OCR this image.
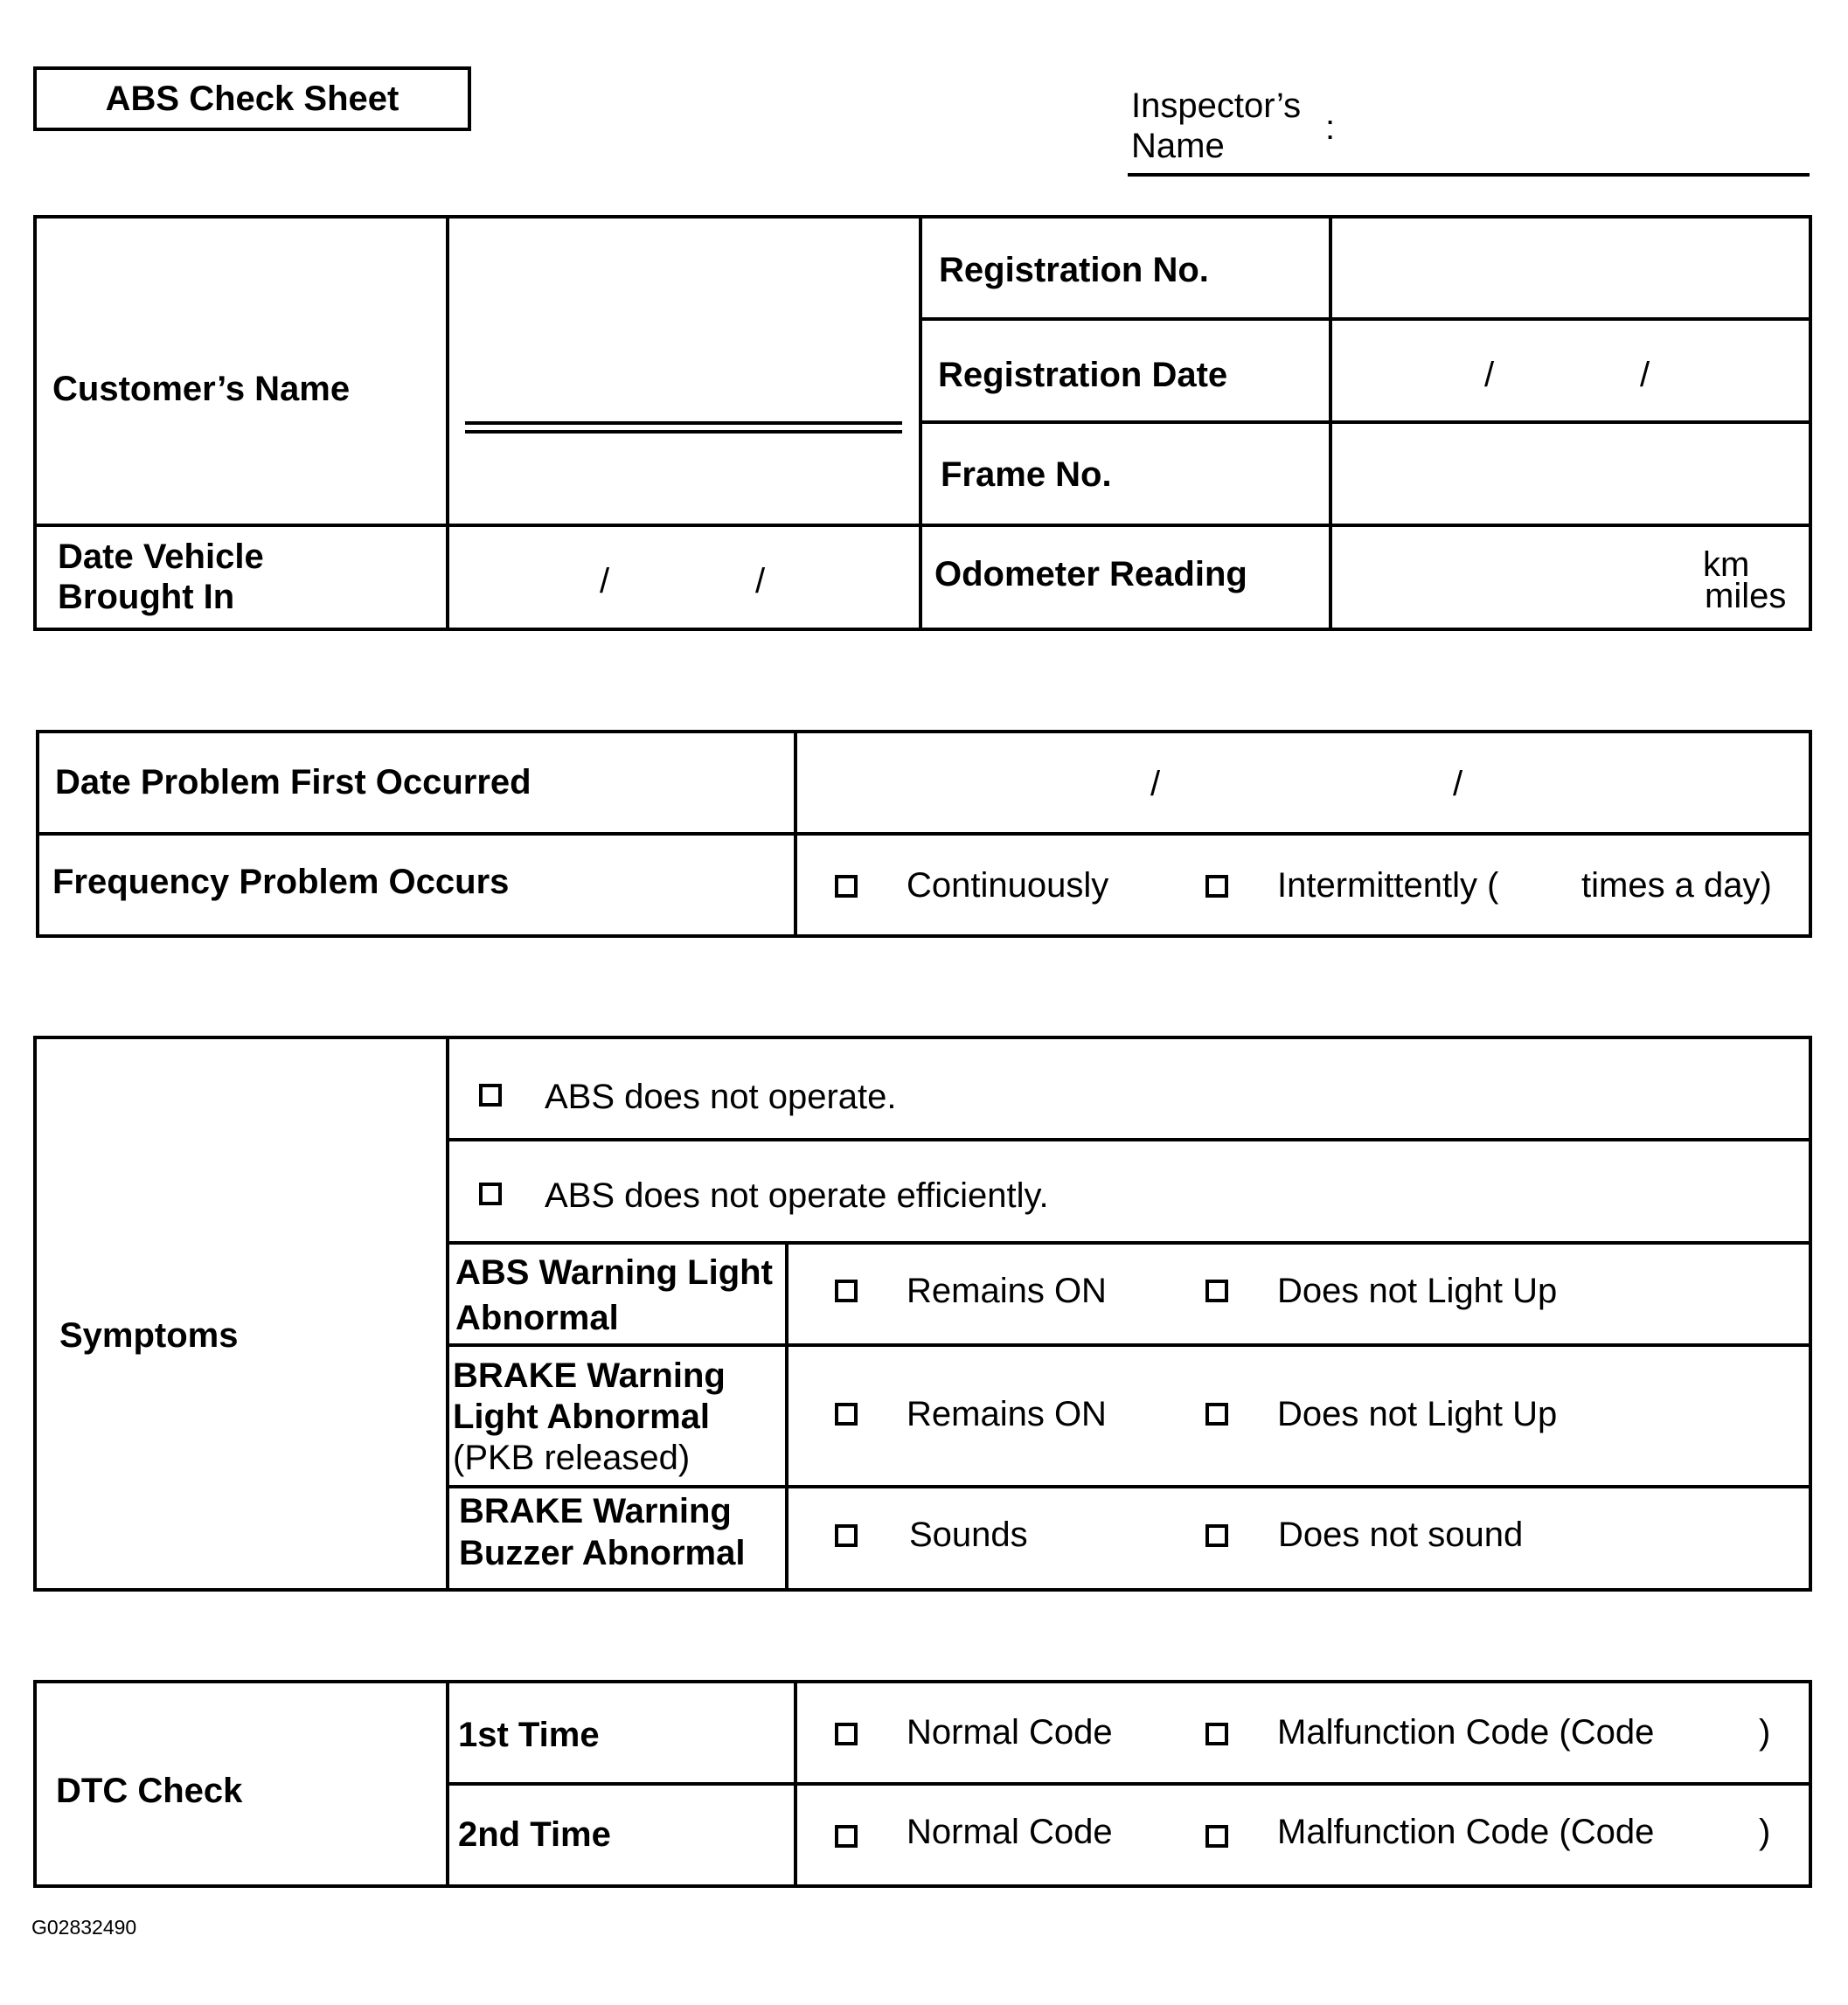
ABS Check Sheet	Inspector’s
Name	:
Customer’s Name
Registration No.
Registration Date	/	/
Frame No.
Date Vehicle
Brought In	/	/	Odometer Reading	km
miles
Date Problem First Occurred	/	/
Frequency Problem Occurs	Continuously	Intermittently ( times a day)
Symptoms
ABS does not operate.
ABS does not operate efficiently.
ABS Warning Light
Abnormal
Remains ON	Does not Light Up
BRAKE Warning
Light Abnormal
(PKB released)
Remains ON	Does not Light Up
BRAKE Warning
Buzzer Abnormal	Sounds	Does not sound
DTC Check
1st Time	Normal Code	Malfunction Code (Code	)
2nd Time	Normal Code	Malfunction Code (Code	)
G02832490
